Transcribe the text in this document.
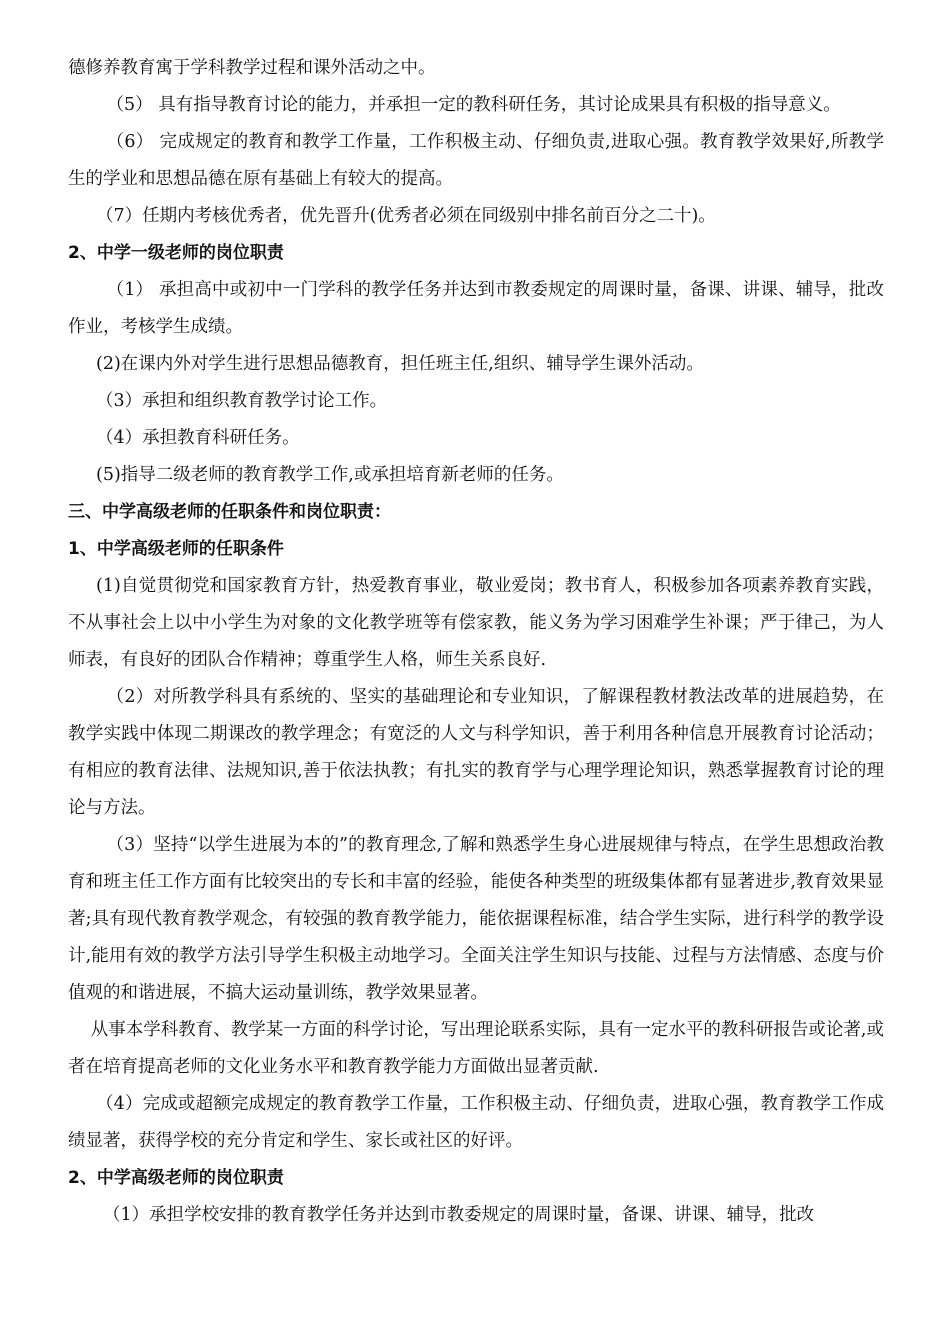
德修养教育寓于学科教学过程和课外活动之中。

（5） 具有指导教育讨论的能力，并承担一定的教科研任务，其讨论成果具有积极的指导意义。

（6） 完成规定的教育和教学工作量，工作积极主动、仔细负责,进取心强。教育教学效果好,所教学生的学业和思想品德在原有基础上有较大的提高。

（7）任期内考核优秀者，优先晋升(优秀者必须在同级别中排名前百分之二十)。

2、中学一级老师的岗位职责

（1） 承担高中或初中一门学科的教学任务并达到市教委规定的周课时量，备课、讲课、辅导，批改作业，考核学生成绩。

(2)在课内外对学生进行思想品德教育，担任班主任,组织、辅导学生课外活动。

（3）承担和组织教育教学讨论工作。

（4）承担教育科研任务。

(5)指导二级老师的教育教学工作,或承担培育新老师的任务。

三、中学高级老师的任职条件和岗位职责：

1、中学高级老师的任职条件

(1)自觉贯彻党和国家教育方针，热爱教育事业，敬业爱岗；教书育人，积极参加各项素养教育实践，不从事社会上以中小学生为对象的文化教学班等有偿家教，能义务为学习困难学生补课；严于律己，为人师表，有良好的团队合作精神；尊重学生人格，师生关系良好.

（2）对所教学科具有系统的、坚实的基础理论和专业知识，了解课程教材教法改革的进展趋势，在教学实践中体现二期课改的教学理念；有宽泛的人文与科学知识，善于利用各种信息开展教育讨论活动；有相应的教育法律、法规知识,善于依法执教；有扎实的教育学与心理学理论知识，熟悉掌握教育讨论的理论与方法。

（3）坚持“以学生进展为本的”的教育理念,了解和熟悉学生身心进展规律与特点，在学生思想政治教育和班主任工作方面有比较突出的专长和丰富的经验，能使各种类型的班级集体都有显著进步,教育效果显著;具有现代教育教学观念，有较强的教育教学能力，能依据课程标准，结合学生实际，进行科学的教学设计,能用有效的教学方法引导学生积极主动地学习。全面关注学生知识与技能、过程与方法情感、态度与价值观的和谐进展，不搞大运动量训练，教学效果显著。

从事本学科教育、教学某一方面的科学讨论，写出理论联系实际，具有一定水平的教科研报告或论著,或者在培育提高老师的文化业务水平和教育教学能力方面做出显著贡献.

（4）完成或超额完成规定的教育教学工作量，工作积极主动、仔细负责，进取心强，教育教学工作成绩显著，获得学校的充分肯定和学生、家长或社区的好评。

2、中学高级老师的岗位职责

（1）承担学校安排的教育教学任务并达到市教委规定的周课时量，备课、讲课、辅导，批改
